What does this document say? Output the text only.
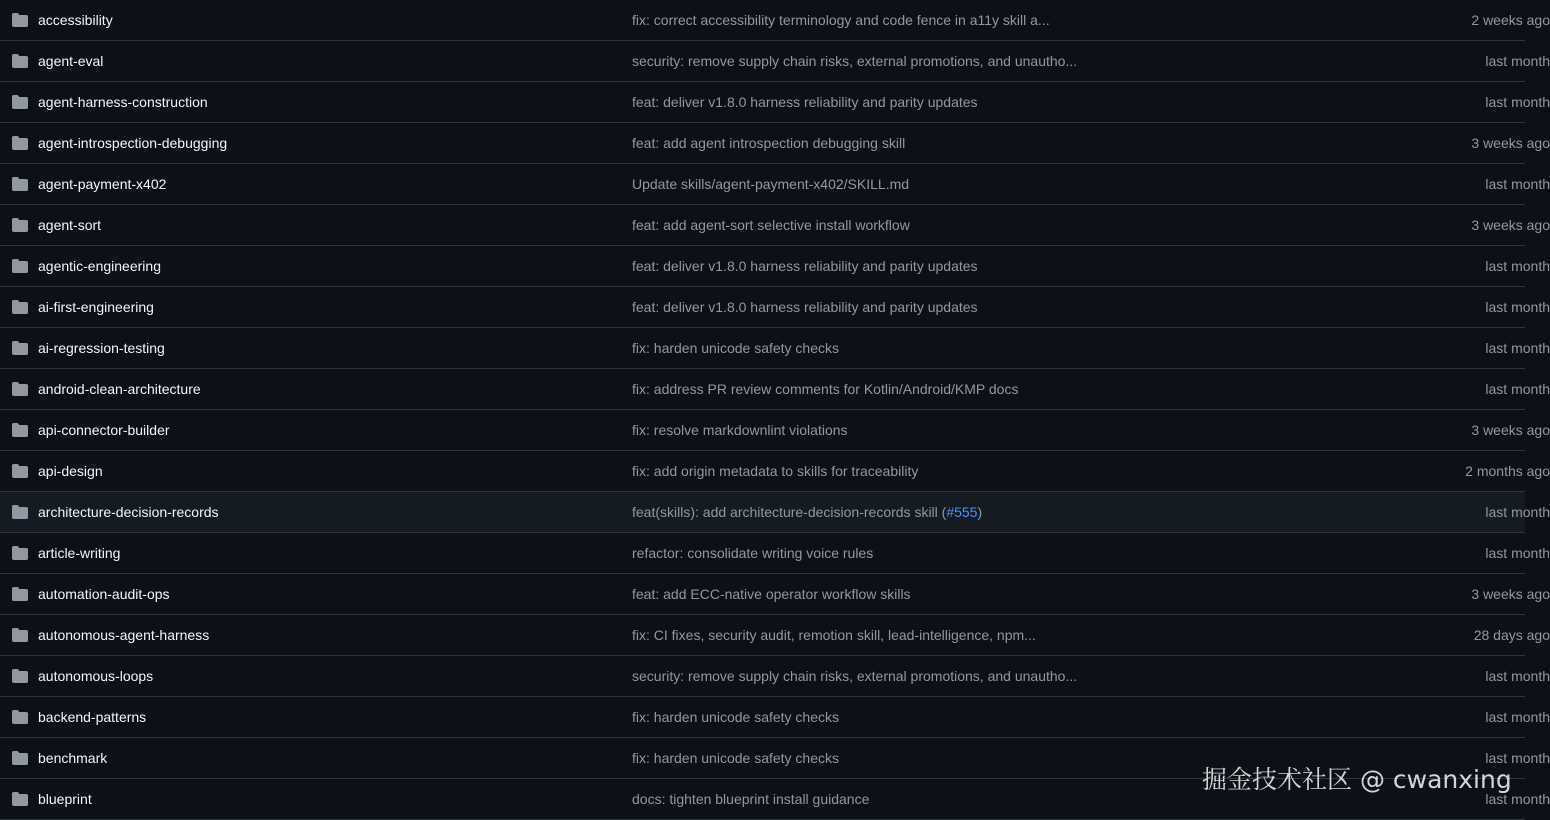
accessibility	fix: correct accessibility terminology and code fence in a11y skill a...	2 weeks ago
agent-eval	security: remove supply chain risks, external promotions, and unautho...	last month
agent-harness-construction	feat: deliver v1.8.0 harness reliability and parity updates	last month
agent-introspection-debugging	feat: add agent introspection debugging skill	3 weeks ago
agent-payment-x402	Update skills/agent-payment-x402/SKILL.md	last month
agent-sort	feat: add agent-sort selective install workflow	3 weeks ago
agentic-engineering	feat: deliver v1.8.0 harness reliability and parity updates	last month
ai-first-engineering	feat: deliver v1.8.0 harness reliability and parity updates	last month
ai-regression-testing	fix: harden unicode safety checks	last month
android-clean-architecture	fix: address PR review comments for Kotlin/Android/KMP docs	last month
api-connector-builder	fix: resolve markdownlint violations	3 weeks ago
api-design	fix: add origin metadata to skills for traceability	2 months ago
architecture-decision-records	feat(skills): add architecture-decision-records skill (#555)	last month
article-writing	refactor: consolidate writing voice rules	last month
automation-audit-ops	feat: add ECC-native operator workflow skills	3 weeks ago
autonomous-agent-harness	fix: CI fixes, security audit, remotion skill, lead-intelligence, npm...	28 days ago
autonomous-loops	security: remove supply chain risks, external promotions, and unautho...	last month
backend-patterns	fix: harden unicode safety checks	last month
benchmark	fix: harden unicode safety checks	last month
blueprint	docs: tighten blueprint install guidance	last month
掘金技术社区 @ cwanxing
